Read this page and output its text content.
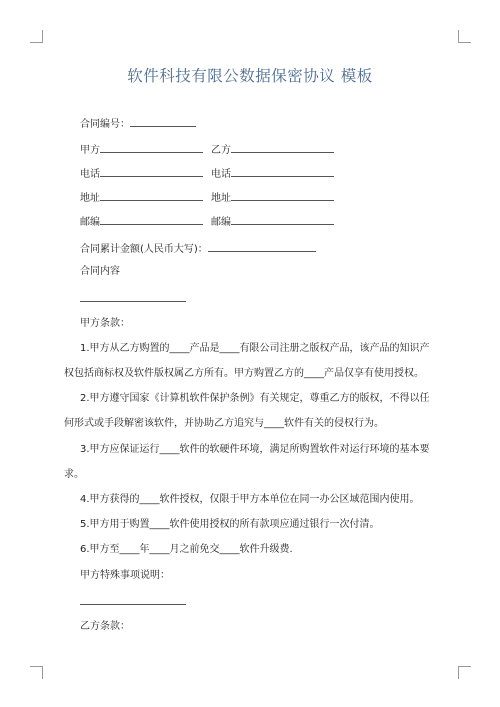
软件科技有限公数据保密协议 模板
合同编号：
甲方	乙方
电话	电话
地址	地址
邮编	邮编
合同累计金额(人民币大写)：
合同内容
甲方条款：
1.甲方从乙方购置的____产品是____有限公司注册之版权产品，该产品的知识产
权包括商标权及软件版权属乙方所有。甲方购置乙方的____产品仅享有使用授权。
2.甲方遵守国家《计算机软件保护条例》有关规定，尊重乙方的版权，不得以任
何形式或手段解密该软件，并协助乙方追究与____软件有关的侵权行为。
3.甲方应保证运行____软件的软硬件环境，满足所购置软件对运行环境的基本要
求。
4.甲方获得的____软件授权，仅限于甲方本单位在同一办公区域范围内使用。
5.甲方用于购置____软件使用授权的所有款项应通过银行一次付清。
6.甲方至____年____月之前免交____软件升级费.
甲方特殊事项说明：
乙方条款：
